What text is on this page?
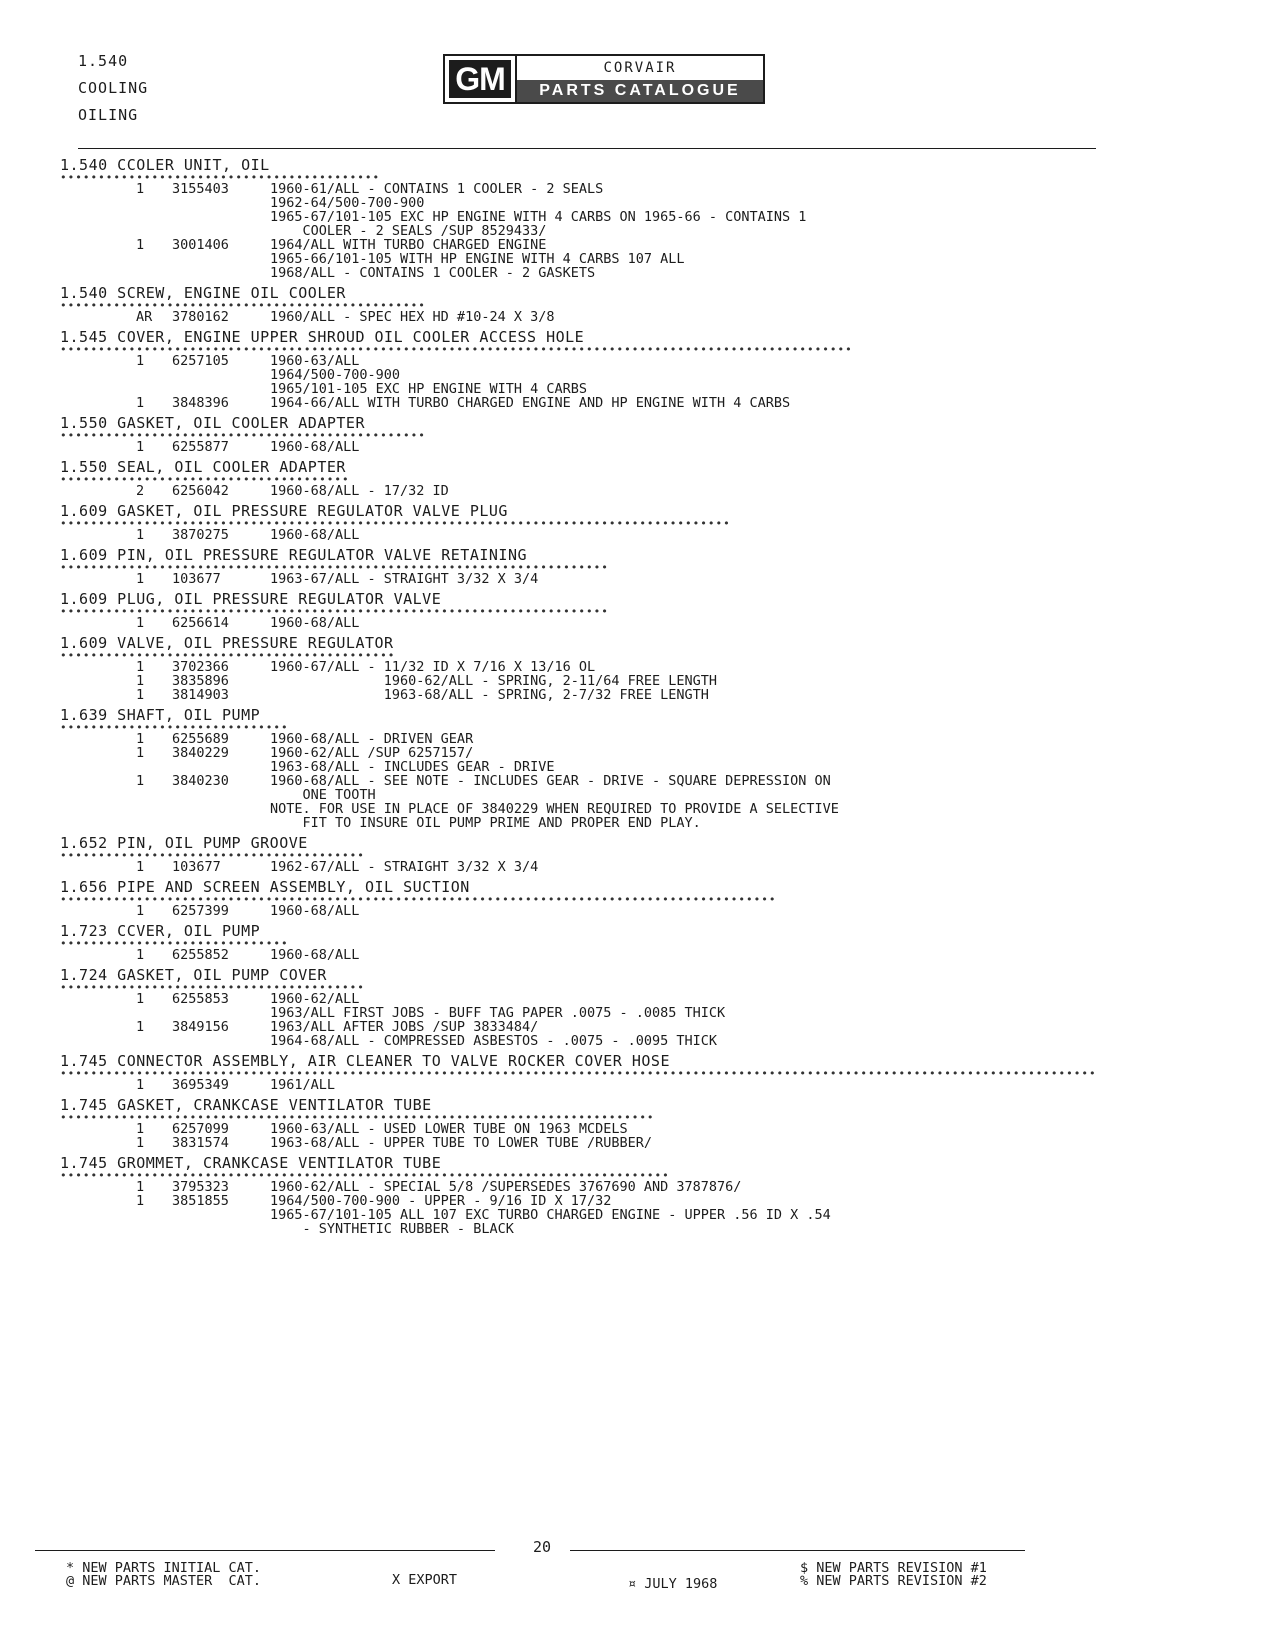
1.540
COOLING
OILING
GM	CORVAIR
PARTS CATALOGUE
1.540 CCOLER UNIT, OIL
••••••••••••••••••••••••••••••••••••••••••
1 3155403	1960-61/ALL - CONTAINS 1 COOLER - 2 SEALS
1962-64/500-700-900
1965-67/101-105 EXC HP ENGINE WITH 4 CARBS ON 1965-66 - CONTAINS 1
COOLER - 2 SEALS /SUP 8529433/
1 3001406	1964/ALL WITH TURBO CHARGED ENGINE
1965-66/101-105 WITH HP ENGINE WITH 4 CARBS 107 ALL
1968/ALL - CONTAINS 1 COOLER - 2 GASKETS
1.540 SCREW, ENGINE OIL COOLER
••••••••••••••••••••••••••••••••••••••••••••••••
AR 3780162	1960/ALL - SPEC HEX HD #10-24 X 3/8
1.545 COVER, ENGINE UPPER SHROUD OIL COOLER ACCESS HOLE
••••••••••••••••••••••••••••••••••••••••••••••••••••••••••••••••••••••••••••••••••••••••••••••••••••••••
1 6257105	1960-63/ALL
1964/500-700-900
1965/101-105 EXC HP ENGINE WITH 4 CARBS
1 3848396	1964-66/ALL WITH TURBO CHARGED ENGINE AND HP ENGINE WITH 4 CARBS
1.550 GASKET, OIL COOLER ADAPTER
••••••••••••••••••••••••••••••••••••••••••••••••
1 6255877	1960-68/ALL
1.550 SEAL, OIL COOLER ADAPTER
••••••••••••••••••••••••••••••••••••••
2 6256042	1960-68/ALL - 17/32 ID
1.609 GASKET, OIL PRESSURE REGULATOR VALVE PLUG
••••••••••••••••••••••••••••••••••••••••••••••••••••••••••••••••••••••••••••••••••••••••
1 3870275	1960-68/ALL
1.609 PIN, OIL PRESSURE REGULATOR VALVE RETAINING
••••••••••••••••••••••••••••••••••••••••••••••••••••••••••••••••••••••••
1 103677	1963-67/ALL - STRAIGHT 3/32 X 3/4
1.609 PLUG, OIL PRESSURE REGULATOR VALVE
••••••••••••••••••••••••••••••••••••••••••••••••••••••••••••••••••••••••
1 6256614	1960-68/ALL
1.609 VALVE, OIL PRESSURE REGULATOR
••••••••••••••••••••••••••••••••••••••••••••
1 3702366	1960-67/ALL - 11/32 ID X 7/16 X 13/16 OL
1 3835896	1960-62/ALL - SPRING, 2-11/64 FREE LENGTH
1 3814903	1963-68/ALL - SPRING, 2-7/32 FREE LENGTH
1.639 SHAFT, OIL PUMP
••••••••••••••••••••••••••••••
1 6255689	1960-68/ALL - DRIVEN GEAR
1 3840229	1960-62/ALL /SUP 6257157/
1963-68/ALL - INCLUDES GEAR - DRIVE
1 3840230	1960-68/ALL - SEE NOTE - INCLUDES GEAR - DRIVE - SQUARE DEPRESSION ON
ONE TOOTH
NOTE. FOR USE IN PLACE OF 3840229 WHEN REQUIRED TO PROVIDE A SELECTIVE
FIT TO INSURE OIL PUMP PRIME AND PROPER END PLAY.
1.652 PIN, OIL PUMP GROOVE
••••••••••••••••••••••••••••••••••••••••
1 103677	1962-67/ALL - STRAIGHT 3/32 X 3/4
1.656 PIPE AND SCREEN ASSEMBLY, OIL SUCTION
••••••••••••••••••••••••••••••••••••••••••••••••••••••••••••••••••••••••••••••••••••••••••••••
1 6257399	1960-68/ALL
1.723 CCVER, OIL PUMP
••••••••••••••••••••••••••••••
1 6255852	1960-68/ALL
1.724 GASKET, OIL PUMP COVER
••••••••••••••••••••••••••••••••••••••••
1 6255853	1960-62/ALL
1963/ALL FIRST JOBS - BUFF TAG PAPER .0075 - .0085 THICK
1 3849156	1963/ALL AFTER JOBS /SUP 3833484/
1964-68/ALL - COMPRESSED ASBESTOS - .0075 - .0095 THICK
1.745 CONNECTOR ASSEMBLY, AIR CLEANER TO VALVE ROCKER COVER HOSE
••••••••••••••••••••••••••••••••••••••••••••••••••••••••••••••••••••••••••••••••••••••••••••••••••••••••••••••••••••••••••••••••••••••••
1 3695349	1961/ALL
1.745 GASKET, CRANKCASE VENTILATOR TUBE
••••••••••••••••••••••••••••••••••••••••••••••••••••••••••••••••••••••••••••••
1 6257099	1960-63/ALL - USED LOWER TUBE ON 1963 MCDELS
1 3831574	1963-68/ALL - UPPER TUBE TO LOWER TUBE /RUBBER/
1.745 GROMMET, CRANKCASE VENTILATOR TUBE
••••••••••••••••••••••••••••••••••••••••••••••••••••••••••••••••••••••••••••••••
1 3795323	1960-62/ALL - SPECIAL 5/8 /SUPERSEDES 3767690 AND 3787876/
1 3851855	1964/500-700-900 - UPPER - 9/16 ID X 17/32
1965-67/101-105 ALL 107 EXC TURBO CHARGED ENGINE - UPPER .56 ID X .54
- SYNTHETIC RUBBER - BLACK
20
* NEW PARTS INITIAL CAT.
@ NEW PARTS MASTER  CAT.	X EXPORT	¤ JULY 1968
$ NEW PARTS REVISION #1
% NEW PARTS REVISION #2
